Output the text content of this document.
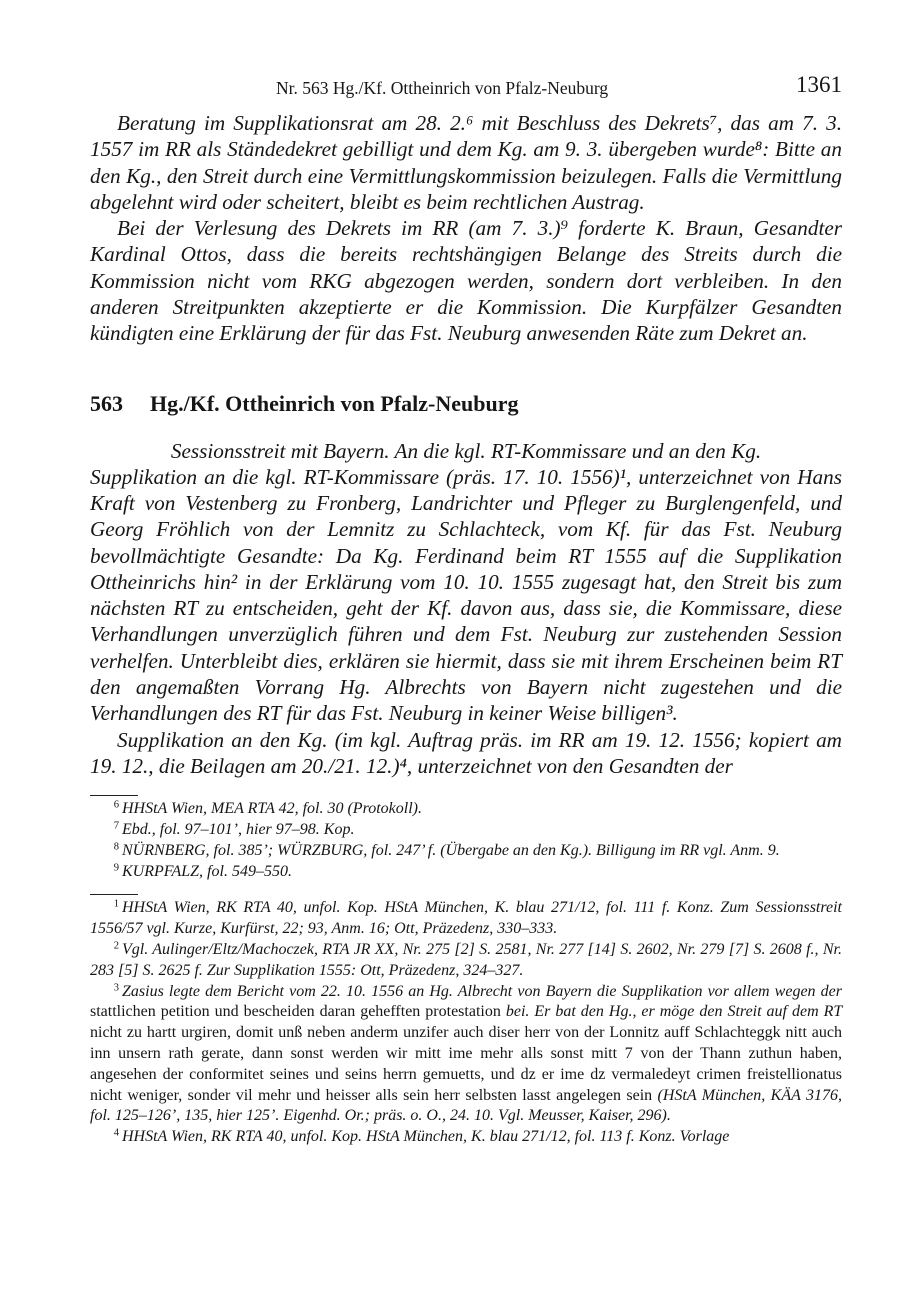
Nr. 563 Hg./Kf. Ottheinrich von Pfalz-Neuburg	1361

Beratung im Supplikationsrat am 28. 2.⁶ mit Beschluss des Dekrets⁷, das am 7. 3. 1557 im RR als Ständedekret gebilligt und dem Kg. am 9. 3. übergeben wurde⁸: Bitte an den Kg., den Streit durch eine Vermittlungskommission beizulegen. Falls die Vermittlung abgelehnt wird oder scheitert, bleibt es beim rechtlichen Austrag.

Bei der Verlesung des Dekrets im RR (am 7. 3.)⁹ forderte K. Braun, Gesandter Kardinal Ottos, dass die bereits rechtshängigen Belange des Streits durch die Kommission nicht vom RKG abgezogen werden, sondern dort verbleiben. In den anderen Streitpunkten akzeptierte er die Kommission. Die Kurpfälzer Gesandten kündigten eine Erklärung der für das Fst. Neuburg anwesenden Räte zum Dekret an.

563 Hg./Kf. Ottheinrich von Pfalz-Neuburg
Sessionsstreit mit Bayern. An die kgl. RT-Kommissare und an den Kg.

Supplikation an die kgl. RT-Kommissare (präs. 17. 10. 1556)¹, unterzeichnet von Hans Kraft von Vestenberg zu Fronberg, Landrichter und Pfleger zu Burglengenfeld, und Georg Fröhlich von der Lemnitz zu Schlachteck, vom Kf. für das Fst. Neuburg bevollmächtigte Gesandte: Da Kg. Ferdinand beim RT 1555 auf die Supplikation Ottheinrichs hin² in der Erklärung vom 10. 10. 1555 zugesagt hat, den Streit bis zum nächsten RT zu entscheiden, geht der Kf. davon aus, dass sie, die Kommissare, diese Verhandlungen unverzüglich führen und dem Fst. Neuburg zur zustehenden Session verhelfen. Unterbleibt dies, erklären sie hiermit, dass sie mit ihrem Erscheinen beim RT den angemaßten Vorrang Hg. Albrechts von Bayern nicht zugestehen und die Verhandlungen des RT für das Fst. Neuburg in keiner Weise billigen³.

Supplikation an den Kg. (im kgl. Auftrag präs. im RR am 19. 12. 1556; kopiert am 19. 12., die Beilagen am 20./21. 12.)⁴, unterzeichnet von den Gesandten der

$^6$ HHStA Wien, MEA RTA 42, fol. 30 (Protokoll).

$^7$ Ebd., fol. 97–101’, hier 97–98. Kop.

$^8$ NÜRNBERG, fol. 385’; WÜRZBURG, fol. 247’ f. (Übergabe an den Kg.). Billigung im RR vgl. Anm. 9.

$^9$ KURPFALZ, fol. 549–550.

$^1$ HHStA Wien, RK RTA 40, unfol. Kop. HStA München, K. blau 271/12, fol. 111 f. Konz. Zum Sessionsstreit 1556/57 vgl. Kurze, Kurfürst, 22; 93, Anm. 16; Ott, Präzedenz, 330–333.

$^2$ Vgl. Aulinger/Eltz/Machoczek, RTA JR XX, Nr. 275 [2] S. 2581, Nr. 277 [14] S. 2602, Nr. 279 [7] S. 2608 f., Nr. 283 [5] S. 2625 f. Zur Supplikation 1555: Ott, Präzedenz, 324–327.

$^3$ Zasius legte dem Bericht vom 22. 10. 1556 an Hg. Albrecht von Bayern die Supplikation vor allem wegen der stattlichen petition und bescheiden daran gehefften protestation bei. Er bat den Hg., er möge den Streit auf dem RT nicht zu hartt urgiren, domit unß neben anderm unzifer auch diser herr von der Lonnitz auff Schlachteggk nitt auch inn unsern rath gerate, dann sonst werden wir mitt ime mehr alls sonst mitt 7 von der Thann zuthun haben, angesehen der conformitet seines und seins herrn gemuetts, und dz er ime dz vermaledeyt crimen freistellionatus nicht weniger, sonder vil mehr und heisser alls sein herr selbsten lasst angelegen sein (HStA München, KÄA 3176, fol. 125–126’, 135, hier 125’. Eigenhd. Or.; präs. o. O., 24. 10. Vgl. Meusser, Kaiser, 296).

$^4$ HHStA Wien, RK RTA 40, unfol. Kop. HStA München, K. blau 271/12, fol. 113 f. Konz. Vorlage
